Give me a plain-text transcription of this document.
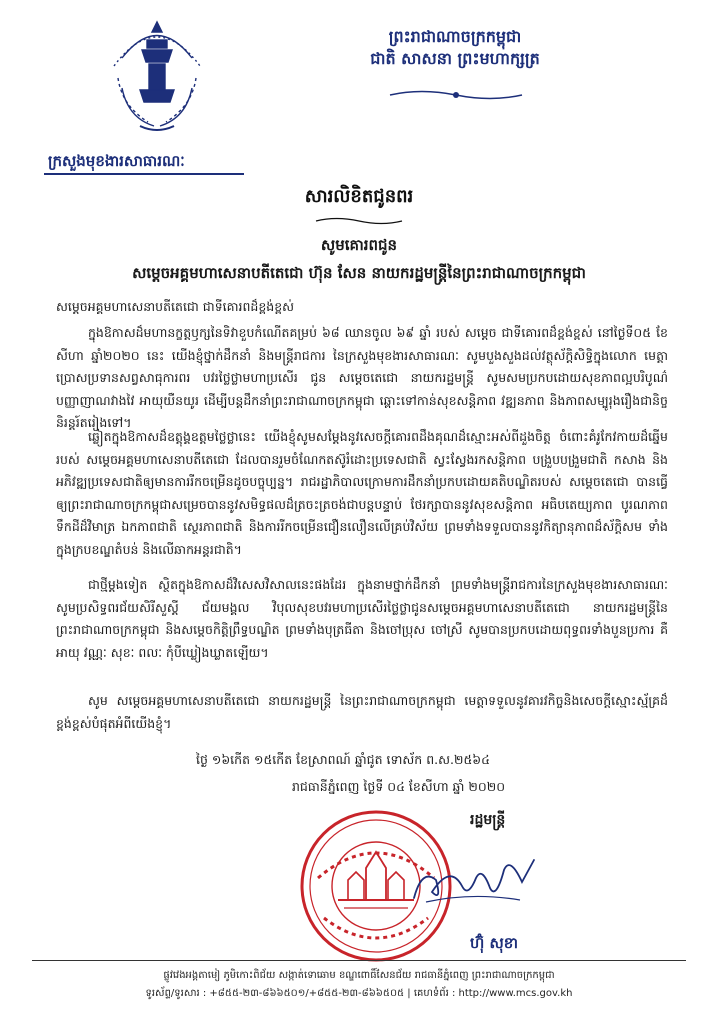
ក្រសួងមុខងារសាធារណៈ
ព្រះរាជាណាចក្រកម្ពុជា
ជាតិ សាសនា ព្រះមហាក្សត្រ
សារលិខិតជូនពរ
សូមគោរពជូន
សម្តេចអគ្គមហាសេនាបតីតេជោ ហ៊ុន សែន នាយករដ្ឋមន្ត្រីនៃព្រះរាជាណាចក្រកម្ពុជា
សម្តេចអគ្គមហាសេនាបតីតេជោ ជាទីគោរពដ៏ខ្ពង់ខ្ពស់
ក្នុងឱកាសដ៏មហានក្ខត្តឫក្សនៃទិវាខួបកំណើតគម្រប់ ៦៨ ឈានចូល ៦៩ ឆ្នាំ របស់ សម្តេច ជាទីគោរពដ៏ខ្ពង់ខ្ពស់ នៅថ្ងៃទី០៥ ខែសីហា ឆ្នាំ២០២០ នេះ យើងខ្ញុំថ្នាក់ដឹកនាំ និងមន្ត្រីរាជការ នៃក្រសួងមុខងារសាធារណៈ សូមបួងសួងដល់វត្ថុស័ក្តិសិទ្ធិក្នុងលោក មេត្តាប្រោសប្រទានសព្វសាធុការពរ បវរថ្លៃថ្លាមហាប្រសើរ ជូន សម្តេចតេជោ នាយករដ្ឋមន្ត្រី សូមសមប្រកបដោយសុខភាពល្អបរិបូណ៌ បញ្ញាញាណវាងវៃ អាយុយឺនយូរ ដើម្បីបន្តដឹកនាំព្រះរាជាណាចក្រកម្ពុជា ឆ្ពោះទៅកាន់សុខសន្តិភាព វឌ្ឍនភាព និងភាពសម្បូរុងរឿងជានិច្ចនិរន្តរ៍តរៀងទៅ។
ឆ្លៀតក្នុងឱកាសដ៏ឧត្តុង្គឧត្តមថ្លៃថ្លានេះ យើងខ្ញុំសូមសម្តែងនូវសេចក្តីគោរពដឹងគុណដ៏ស្មោះអស់ពីដួងចិត្ត ចំពោះគំរូកែវកាយដ៏ឆ្នើមរបស់ សម្តេចអគ្គមហាសេនាបតីតេជោ ដែលបានរួមចំណែកតស៊ូរំដោះប្រទេសជាតិ ស្វះស្វែងរកសន្តិភាព បង្រួបបង្រួមជាតិ កសាង និងអភិវឌ្ឍប្រទេសជាតិឲ្យមានការរីកចម្រើនដូចបច្ចុប្បន្ន។ រាជរដ្ឋាភិបាលក្រោមការដឹកនាំប្រកបដោយគតិបណ្ឌិតរបស់ សម្តេចតេជោ បានធ្វើឲ្យព្រះរាជាណាចក្រកម្ពុជាសម្រេចបាននូវសមិទ្ធផលដ៏ត្រចះត្រចង់ជាបន្តបន្ទាប់ ថែរក្សាបាននូវសុខសន្តិភាព អធិបតេយ្យភាព បូរណភាពទឹកដីដ៏វិមាត្រ ឯកភាពជាតិ ស្ថេរភាពជាតិ និងការរីកចម្រើនជឿនលឿនលើគ្រប់វិស័យ ព្រមទាំងទទួលបាននូវកិត្យានុភាពដ៏ស័ក្តិសម ទាំងក្នុងក្របខណ្ឌតំបន់ និងលើឆាកអន្តរជាតិ។
ជាថ្មីម្តងទៀត ស្ថិតក្នុងឱកាសដ៏វិសេសវិសាលនេះផងដែរ ក្នុងនាមថ្នាក់ដឹកនាំ ព្រមទាំងមន្ត្រីរាជការនៃក្រសួងមុខងារសាធារណៈ សូមប្រសិទ្ធពរជ័យសិរីសួស្តី ជ័យមង្គល វិបុលសុខបវរមហាប្រសើរថ្លៃថ្លាជូនសម្តេចអគ្គមហាសេនាបតីតេជោ នាយករដ្ឋមន្ត្រីនៃព្រះរាជាណាចក្រកម្ពុជា និងសម្តេចកិត្តិព្រឹទ្ធបណ្ឌិត ព្រមទាំងបុត្រធីតា និងចៅប្រុស ចៅស្រី សូមបានប្រកបដោយពុទ្ធពរទាំងបួនប្រការ គឺអាយុ វណ្ណៈ សុខៈ ពលៈ កុំបីឃ្លៀងឃ្លាតឡើយ។
សូម សម្តេចអគ្គមហាសេនាបតីតេជោ នាយករដ្ឋមន្ត្រី នៃព្រះរាជាណាចក្រកម្ពុជា មេត្តាទទួលនូវគារវកិច្ចនិងសេចក្តីស្មោះស្ម័គ្រដ៏ខ្ពង់ខ្ពស់បំផុតអំពីយើងខ្ញុំ។
ថ្ងៃ ១៦កើត ១៥កើត ខែស្រាពណ៍ ឆ្នាំជូត ទោស័ក ព.ស.២៥៦៤
រាជធានីភ្នំពេញ ថ្ងៃទី ០៤ ខែសីហា ឆ្នាំ ២០២០
រដ្ឋមន្ត្រី
ហ៊ុំ សុខា
ផ្លូវវេងអង្គតាមៀ ភូមិកោះពិជ័យ សង្កាត់ទោឆោម ខណ្ឌពោធិ៍សែនជ័យ រាជធានីភ្នំពេញ ព្រះរាជាណាចក្រកម្ពុជា
ទូរស័ព្ទ/ទូរសារ : +៨៥៥-២៣-៨៦៦៥០១/+៨៥៥-២៣-៨៦៦៥០៥ | គេហទំព័រ : http://www.mcs.gov.kh
